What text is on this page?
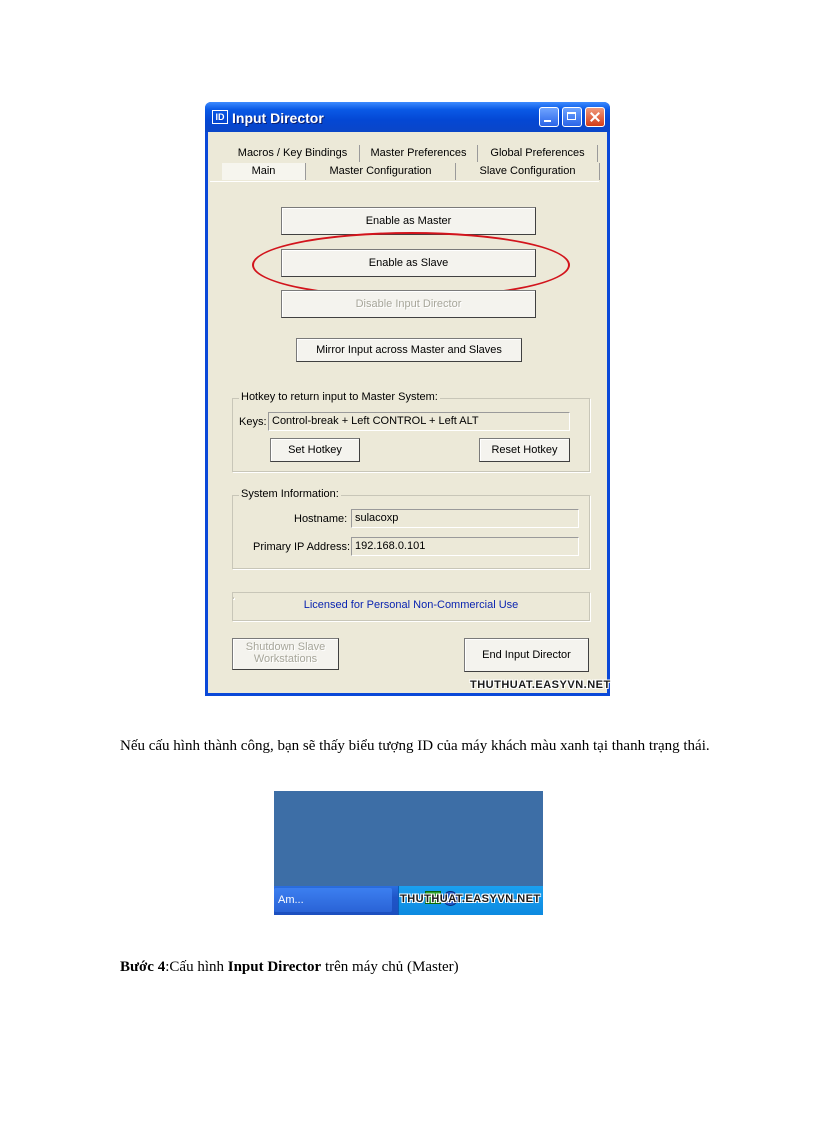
ID Input Director
Macros / Key Bindings	Master Preferences	Global Preferences
Main	Master Configuration	Slave Configuration
Enable as Master
Enable as Slave
Disable Input Director
Mirror Input across Master and Slaves
Hotkey to return input to Master System:
Keys: Control-break + Left CONTROL + Left ALT
Set Hotkey	Reset Hotkey
System Information:
Hostname: sulacoxp
Primary IP Address: 192.168.0.101
Licensed for Personal Non-Commercial Use
Shutdown Slave
Workstations	End Input Director
THUTHUAT.EASYVN.NET
Nếu cấu hình thành công, bạn sẽ thấy biểu tượng ID của máy khách màu xanh tại thanh trạng thái.
Am...	THUTHUAT.EASYVN.NET
Bước 4:Cấu hình Input Director trên máy chủ (Master)
